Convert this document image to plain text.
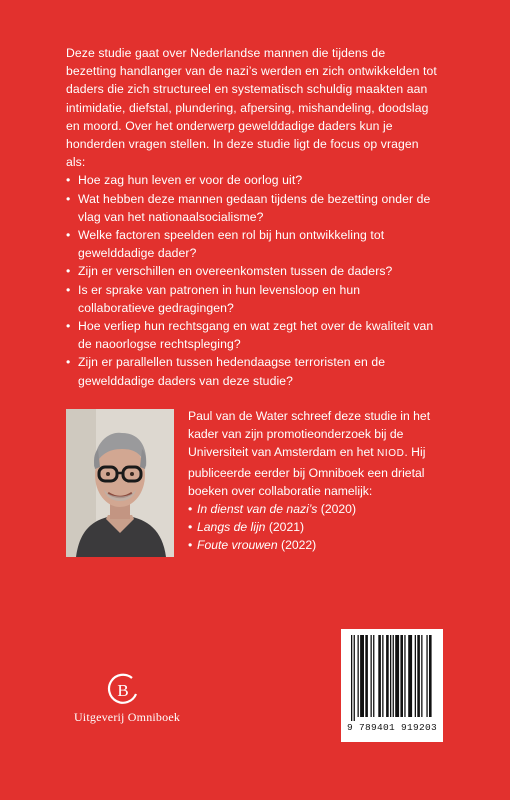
Deze studie gaat over Nederlandse mannen die tijdens de bezetting handlanger van de nazi’s werden en zich ontwikkelden tot daders die zich structureel en systematisch schuldig maakten aan intimidatie, diefstal, plundering, afpersing, mishandeling, doodslag en moord. Over het onderwerp gewelddadige daders kun je honderden vragen stellen. In deze studie ligt de focus op vragen als:

• Hoe zag hun leven er voor de oorlog uit?
• Wat hebben deze mannen gedaan tijdens de bezetting onder de vlag van het nationaalsocialisme?
• Welke factoren speelden een rol bij hun ontwikkeling tot gewelddadige dader?
• Zijn er verschillen en overeenkomsten tussen de daders?
• Is er sprake van patronen in hun levensloop en hun collaboratieve gedragingen?
• Hoe verliep hun rechtsgang en wat zegt het over de kwaliteit van de naoorlogse rechtspleging?
• Zijn er parallellen tussen hedendaagse terroristen en de gewelddadige daders van deze studie?

Paul van de Water schreef deze studie in het kader van zijn promotieonderzoek bij de Universiteit van Amsterdam en het NIOD. Hij publiceerde eerder bij Omniboek een drietal boeken over collaboratie namelijk:

• In dienst van de nazi’s (2020)
• Langs de lijn (2021)
• Foute vrouwen (2022)
B
Uitgeverij Omniboek
9 789401 919203
